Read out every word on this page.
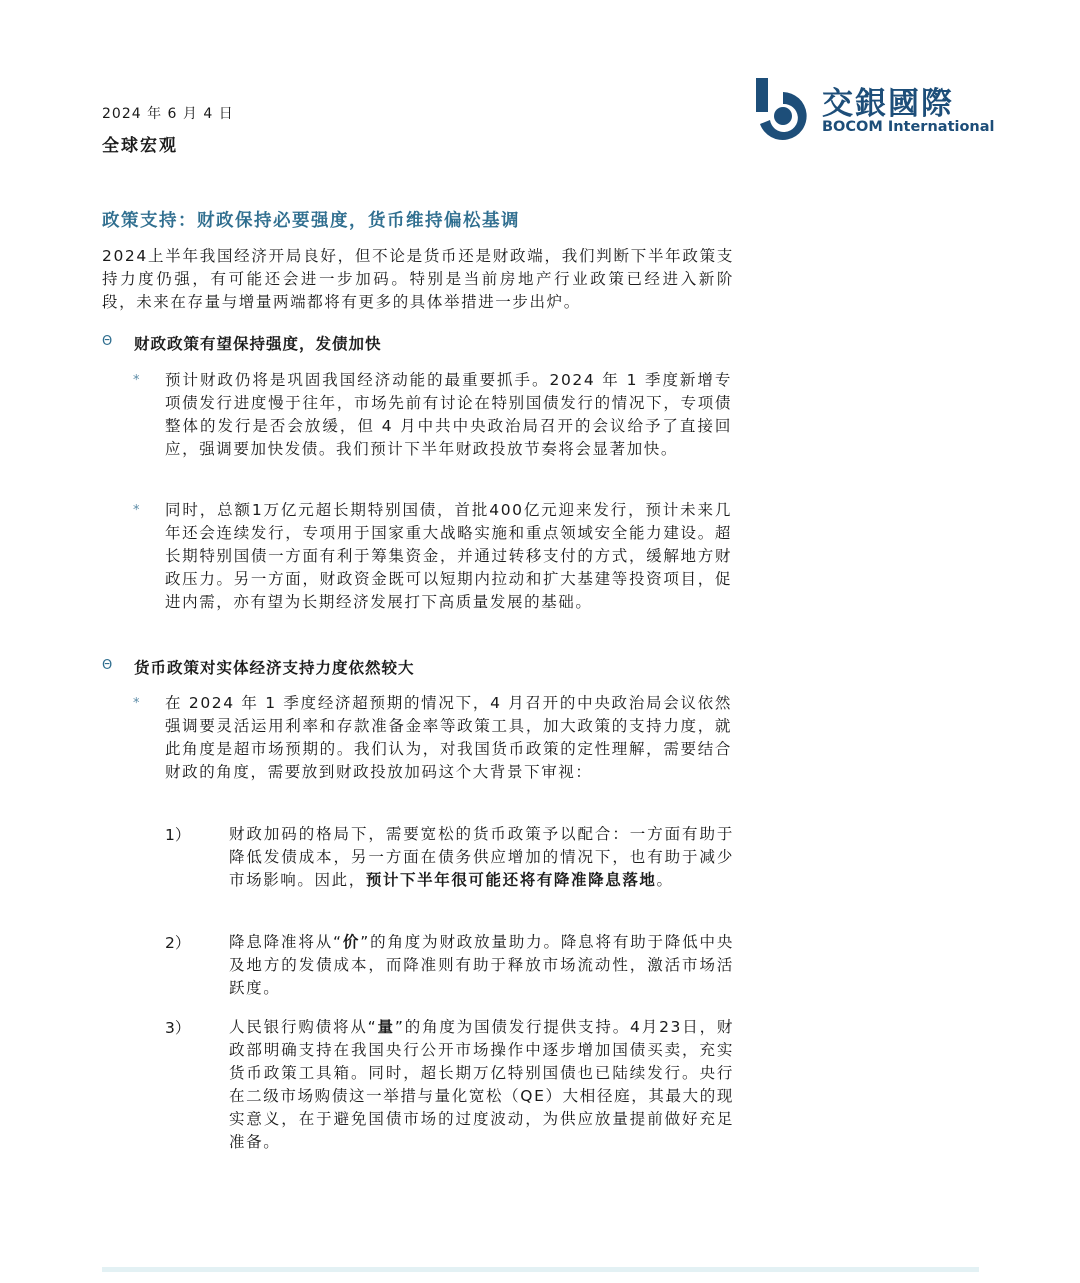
2024 年 6 月 4 日
全球宏观
交銀國際
BOCOM International
政策支持：财政保持必要强度，货币维持偏松基调
2024上半年我国经济开局良好，但不论是货币还是财政端，我们判断下半年政策支持力度仍强，有可能还会进一步加码。特别是当前房地产行业政策已经进入新阶段，未来在存量与增量两端都将有更多的具体举措进一步出炉。
Θ 财政政策有望保持强度，发债加快
* 预计财政仍将是巩固我国经济动能的最重要抓手。2024 年 1 季度新增专项债发行进度慢于往年，市场先前有讨论在特别国债发行的情况下，专项债整体的发行是否会放缓，但 4 月中共中央政治局召开的会议给予了直接回应，强调要加快发债。我们预计下半年财政投放节奏将会显著加快。
* 同时，总额1万亿元超长期特别国债，首批400亿元迎来发行，预计未来几年还会连续发行，专项用于国家重大战略实施和重点领域安全能力建设。超长期特别国债一方面有利于筹集资金，并通过转移支付的方式，缓解地方财政压力。另一方面，财政资金既可以短期内拉动和扩大基建等投资项目，促进内需，亦有望为长期经济发展打下高质量发展的基础。
Θ 货币政策对实体经济支持力度依然较大
* 在 2024 年 1 季度经济超预期的情况下，4 月召开的中央政治局会议依然强调要灵活运用利率和存款准备金率等政策工具，加大政策的支持力度，就此角度是超市场预期的。我们认为，对我国货币政策的定性理解，需要结合财政的角度，需要放到财政投放加码这个大背景下审视：
1） 财政加码的格局下，需要宽松的货币政策予以配合：一方面有助于降低发债成本，另一方面在债务供应增加的情况下，也有助于减少市场影响。因此，预计下半年很可能还将有降准降息落地。
2） 降息降准将从“价”的角度为财政放量助力。降息将有助于降低中央及地方的发债成本，而降准则有助于释放市场流动性，激活市场活跃度。
3） 人民银行购债将从“量”的角度为国债发行提供支持。4月23日，财政部明确支持在我国央行公开市场操作中逐步增加国债买卖，充实货币政策工具箱。同时，超长期万亿特别国债也已陆续发行。央行在二级市场购债这一举措与量化宽松（QE）大相径庭，其最大的现实意义，在于避免国债市场的过度波动，为供应放量提前做好充足准备。
